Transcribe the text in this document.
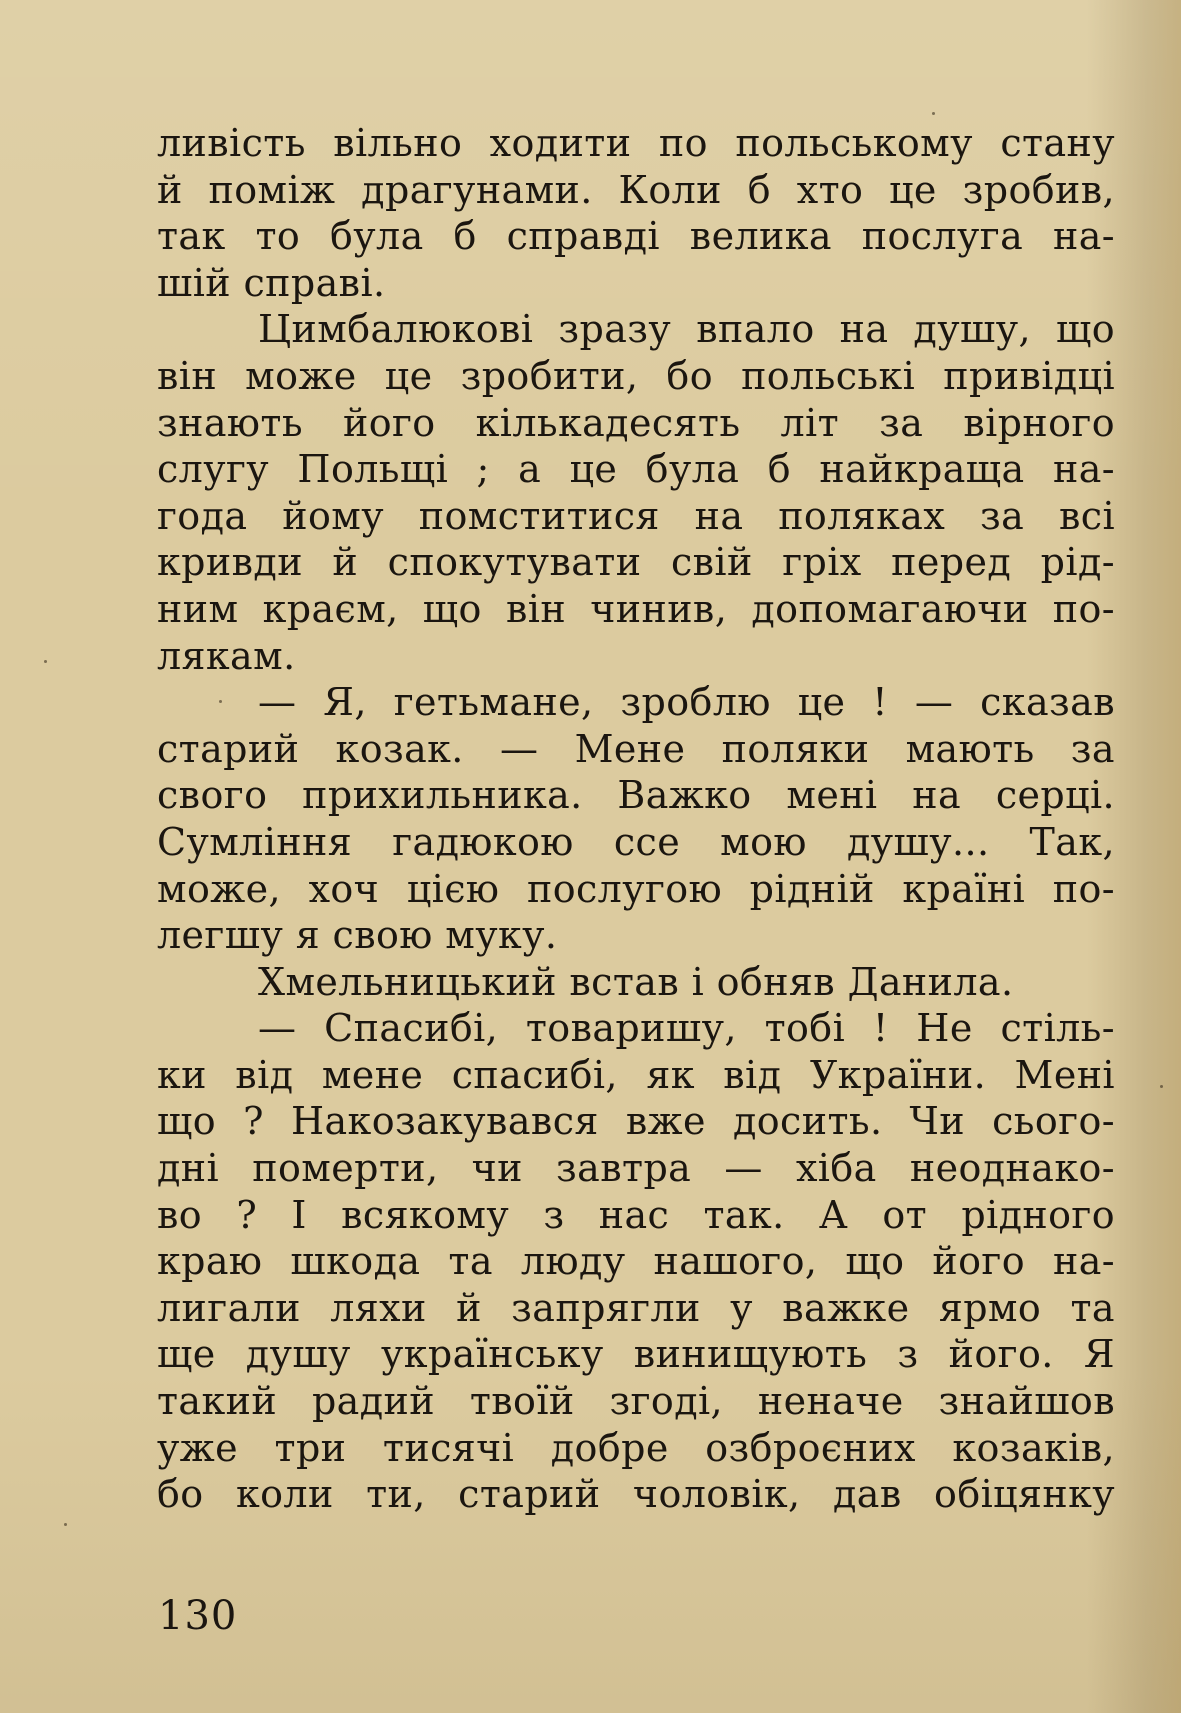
ливість вільно ходити по польському стану
й поміж драгунами. Коли б хто це зробив,
так то була б справді велика послуга на-
шій справі.
Цимбалюкові зразу впало на душу, що
він може це зробити, бо польські привідці
знають його кількадесять літ за вірного
слугу Польщі ; а це була б найкраща на-
года йому помститися на поляках за всі
кривди й спокутувати свій гріх перед рід-
ним краєм, що він чинив, допомагаючи по-
лякам.
— Я, гетьмане, зроблю це ! — сказав
старий козак. — Мене поляки мають за
свого прихильника. Важко мені на серці.
Сумління гадюкою ссе мою душу... Так,
може, хоч цією послугою рідній країні по-
легшу я свою муку.
Хмельницький встав і обняв Данила.
— Спасибі, товаришу, тобі ! Не стіль-
ки від мене спасибі, як від України. Мені
що ? Накозакувався вже досить. Чи сього-
дні померти, чи завтра — хіба неоднако-
во ? І всякому з нас так. А от рідного
краю шкода та люду нашого, що його на-
лигали ляхи й запрягли у важке ярмо та
ще душу українську винищують з його. Я
такий радий твоїй згоді, неначе знайшов
уже три тисячі добре озброєних козаків,
бо коли ти, старий чоловік, дав обіцянку
130
